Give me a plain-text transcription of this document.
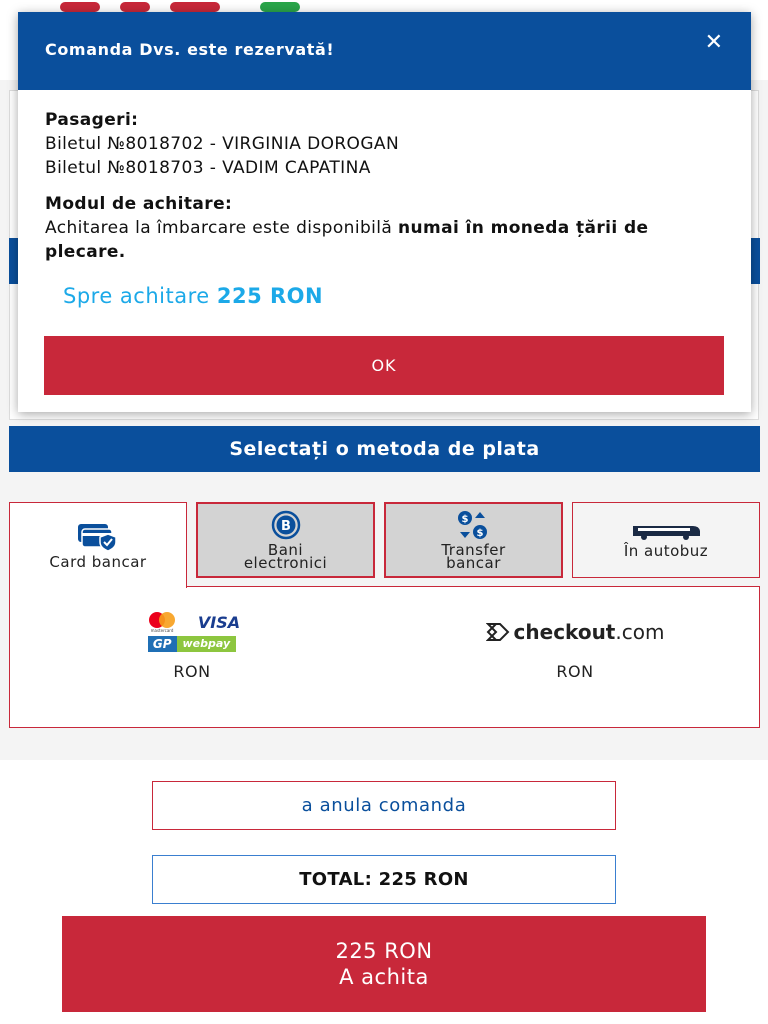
Selectați o metoda de plata
Card bancar
B
Bani
electronici
$
$
Transfer
bancar
În autobuz
mastercard VISA
GP	webpay
RON
checkout .com
RON
a anula comanda
TOTAL: 225 RON
225 RON
A achita
Comanda Dvs. este rezervată!	✕
Pasageri:
Biletul №8018702 - VIRGINIA DOROGAN
Biletul №8018703 - VADIM CAPATINA
Modul de achitare:
Achitarea la îmbarcare este disponibilă numai în moneda țării de plecare.
Spre achitare 225 RON
OK
